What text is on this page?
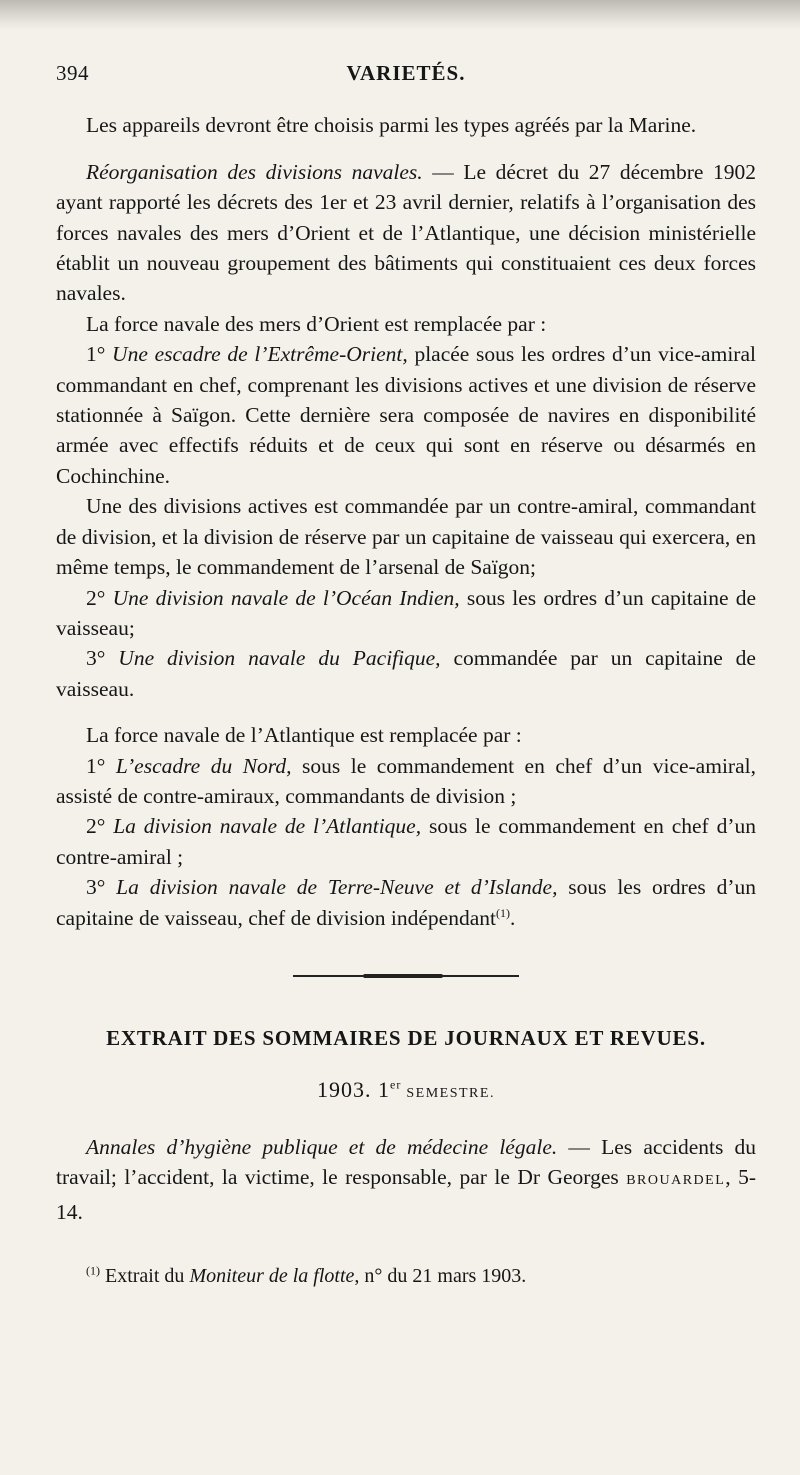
394	VARIETÉS.

Les appareils devront être choisis parmi les types agréés par la Marine.

Réorganisation des divisions navales. — Le décret du 27 décembre 1902 ayant rapporté les décrets des 1er et 23 avril dernier, relatifs à l’organisation des forces navales des mers d’Orient et de l’Atlantique, une décision ministérielle établit un nouveau groupement des bâtiments qui constituaient ces deux forces navales.

La force navale des mers d’Orient est remplacée par :

1° Une escadre de l’Extrême-Orient, placée sous les ordres d’un vice-amiral commandant en chef, comprenant les divisions actives et une division de réserve stationnée à Saïgon. Cette dernière sera composée de navires en disponibilité armée avec effectifs réduits et de ceux qui sont en réserve ou désarmés en Cochinchine.

Une des divisions actives est commandée par un contre-amiral, commandant de division, et la division de réserve par un capitaine de vaisseau qui exercera, en même temps, le commandement de l’arsenal de Saïgon;

2° Une division navale de l’Océan Indien, sous les ordres d’un capitaine de vaisseau;

3° Une division navale du Pacifique, commandée par un capitaine de vaisseau.

La force navale de l’Atlantique est remplacée par :

1° L’escadre du Nord, sous le commandement en chef d’un vice-amiral, assisté de contre-amiraux, commandants de division ;

2° La division navale de l’Atlantique, sous le commandement en chef d’un contre-amiral ;

3° La division navale de Terre-Neuve et d’Islande, sous les ordres d’un capitaine de vaisseau, chef de division indépendant$^{(1)}$.

EXTRAIT DES SOMMAIRES DE JOURNAUX ET REVUES.
1903. 1er SEMESTRE.

Annales d’hygiène publique et de médecine légale. — Les accidents du travail; l’accident, la victime, le responsable, par le Dr Georges BROUARDEL, 5-14.

$^{(1)}$ Extrait du Moniteur de la flotte, n° du 21 mars 1903.
